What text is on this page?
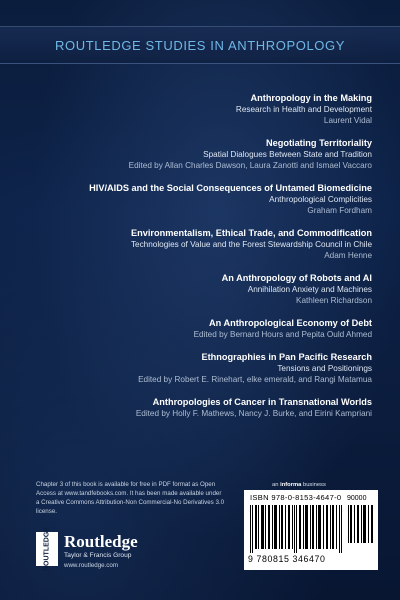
ROUTLEDGE STUDIES IN ANTHROPOLOGY
Anthropology in the Making
Research in Health and Development
Laurent Vidal
Negotiating Territoriality
Spatial Dialogues Between State and Tradition
Edited by Allan Charles Dawson, Laura Zanotti and Ismael Vaccaro
HIV/AIDS and the Social Consequences of Untamed Biomedicine
Anthropological Complicities
Graham Fordham
Environmentalism, Ethical Trade, and Commodification
Technologies of Value and the Forest Stewardship Council in Chile
Adam Henne
An Anthropology of Robots and AI
Annihilation Anxiety and Machines
Kathleen Richardson
An Anthropological Economy of Debt
Edited by Bernard Hours and Pepita Ould Ahmed
Ethnographies in Pan Pacific Research
Tensions and Positionings
Edited by Robert E. Rinehart, elke emerald, and Rangi Matamua
Anthropologies of Cancer in Transnational Worlds
Edited by Holly F. Mathews, Nancy J. Burke, and Eirini Kampriani
Chapter 3 of this book is available for free in PDF format as Open Access at www.tandfebooks.com. It has been made available under a Creative Commons Attribution-Non Commercial-No Derivatives 3.0 license.
ROUTLEDGE Routledge
Taylor & Francis Group
www.routledge.com
an informa business
ISBN 978-0-8153-4647-0 90000
9 780815 346470
